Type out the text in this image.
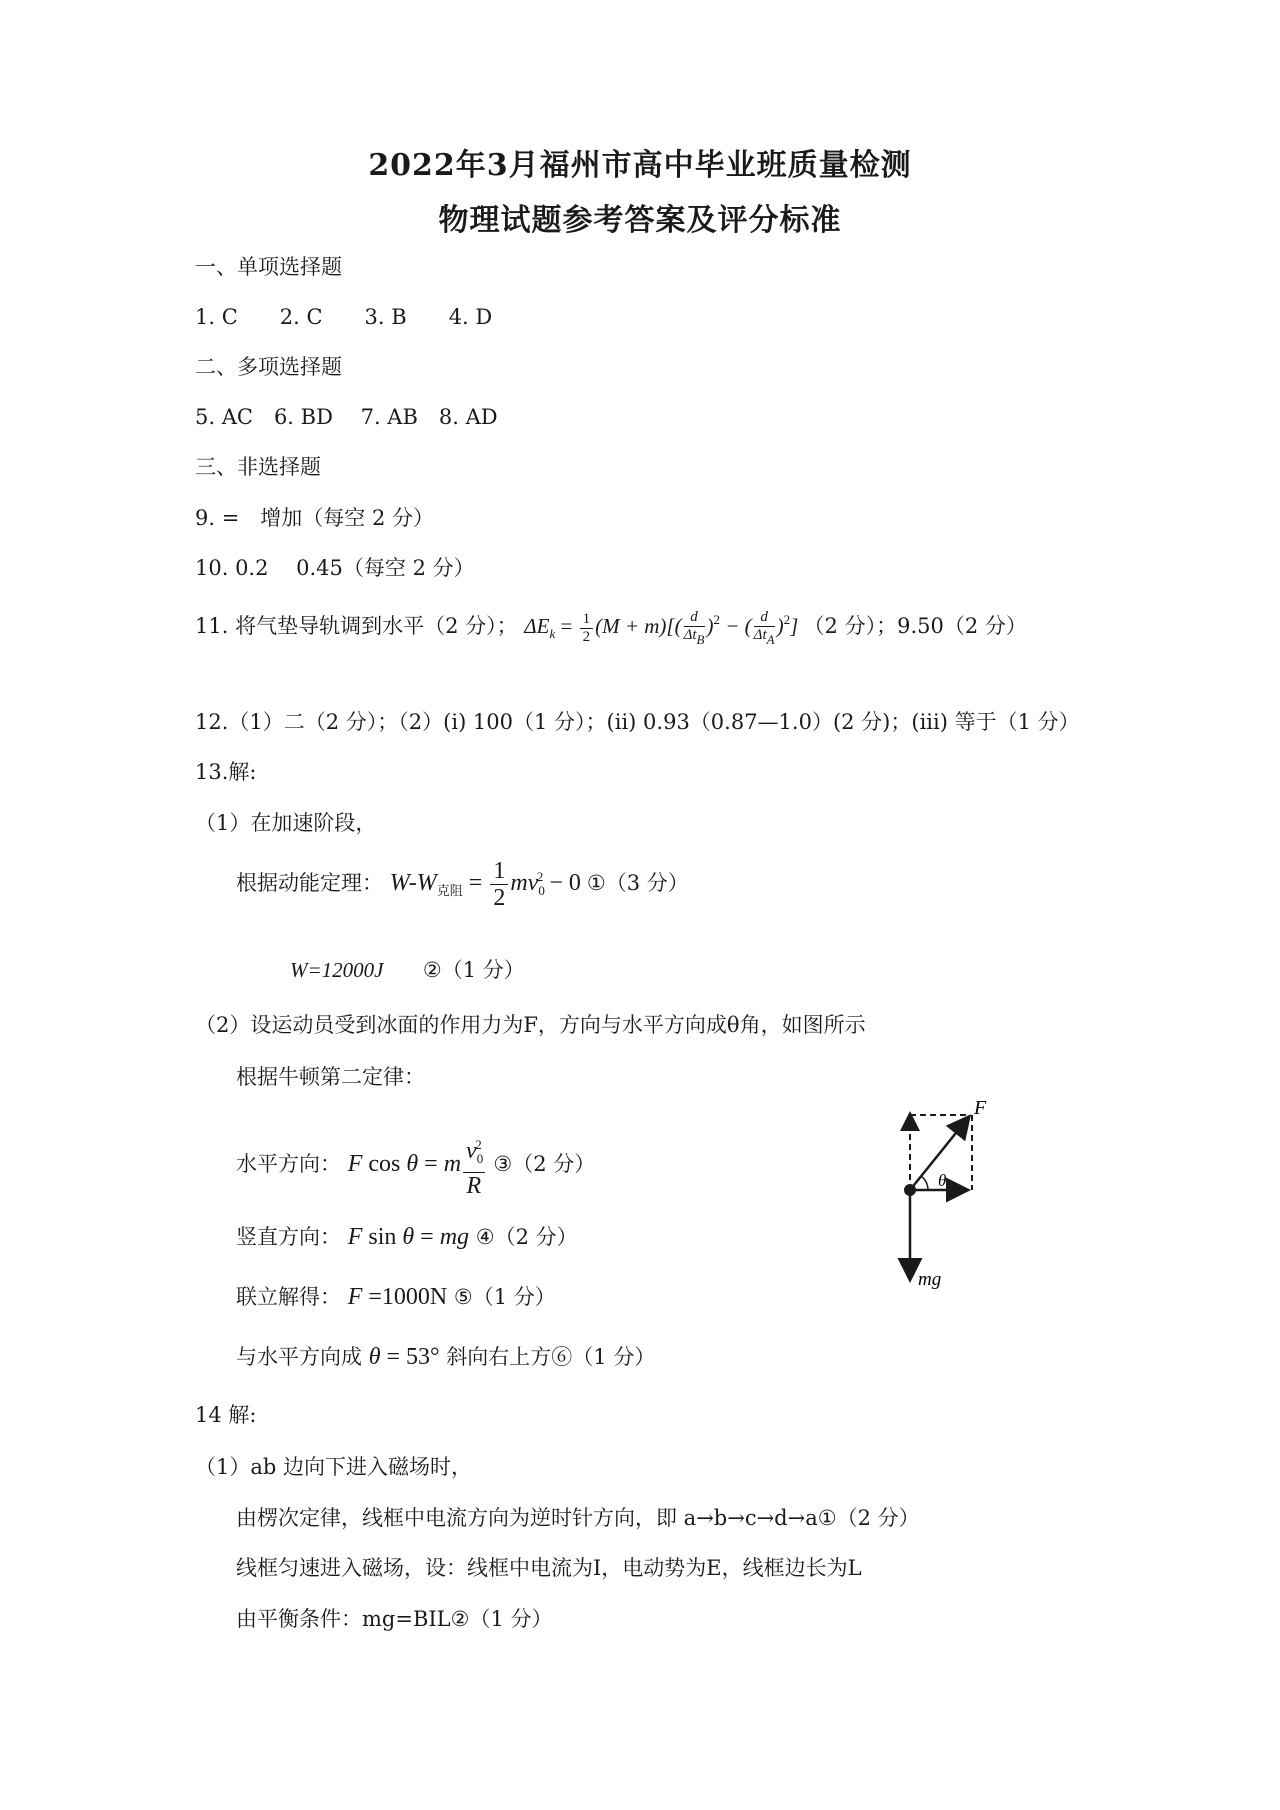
2022年3月福州市高中毕业班质量检测
物理试题参考答案及评分标准
一、单项选择题
1. C　　2. C　　3. B　　4. D
二、多项选择题
5. AC　6. BD　 7. AB　8. AD
三、非选择题
9. =　增加（每空 2 分）
10. 0.2　 0.45（每空 2 分）
11. 将气垫导轨调到水平（2 分）； $\Delta E_k = \frac{1}{2} (M + m)[( \frac{d}{\text{ΔtB}} )^2$ − ( $\frac{d}{\text{ΔtA}} )^2$] （2 分）；9.50（2 分）
12.（1）二（2 分）；（2）(i) 100（1 分）；(ii) 0.93（0.87—1.0）(2 分)；(iii) 等于（1 分）
13.解:
（1）在加速阶段，
根据动能定理： $W-W_{克阻} = \frac{1}{2} mv_0^2 - 0$ ①（3 分）
W=12000J ②（1 分）
（2）设运动员受到冰面的作用力为F，方向与水平方向成θ角，如图所示
根据牛顿第二定律：
水平方向： F cos θ = m $\frac{v_0^2}{R}$ ③（2 分）
竖直方向： F sin θ = mg ④（2 分）
联立解得： F =1000N ⑤（1 分）
与水平方向成 θ = 53° 斜向右上方⑥（1 分）
F
θ
mg
14 解:
（1）ab 边向下进入磁场时，
由楞次定律，线框中电流方向为逆时针方向，即 a→b→c→d→a①（2 分）
线框匀速进入磁场，设：线框中电流为I，电动势为E，线框边长为L
由平衡条件：mg=BIL②（1 分）
